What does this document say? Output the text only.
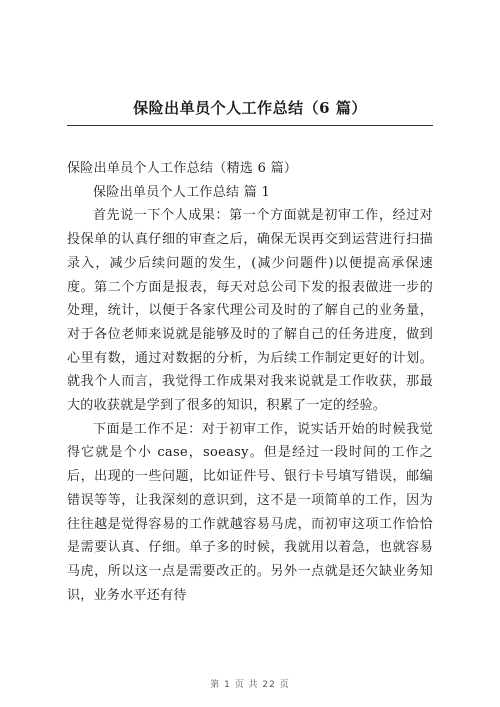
保险出单员个人工作总结（6 篇）

保险出单员个人工作总结（精选 6 篇）

保险出单员个人工作总结 篇 1

首先说一下个人成果：第一个方面就是初审工作，经过对投保单的认真仔细的审查之后，确保无误再交到运营进行扫描录入，减少后续问题的发生，(减少问题件)以便提高承保速度。第二个方面是报表，每天对总公司下发的报表做进一步的处理，统计，以便于各家代理公司及时的了解自己的业务量，对于各位老师来说就是能够及时的了解自己的任务进度，做到心里有数，通过对数据的分析，为后续工作制定更好的计划。就我个人而言，我觉得工作成果对我来说就是工作收获，那最大的收获就是学到了很多的知识，积累了一定的经验。

下面是工作不足：对于初审工作，说实话开始的时候我觉得它就是个小 case，soeasy。但是经过一段时间的工作之后，出现的一些问题，比如证件号、银行卡号填写错误，邮编错误等等，让我深刻的意识到，这不是一项简单的工作，因为往往越是觉得容易的工作就越容易马虎，而初审这项工作恰恰是需要认真、仔细。单子多的时候，我就用以着急，也就容易马虎，所以这一点是需要改正的。另外一点就是还欠缺业务知识，业务水平还有待

第 1 页 共 22 页
